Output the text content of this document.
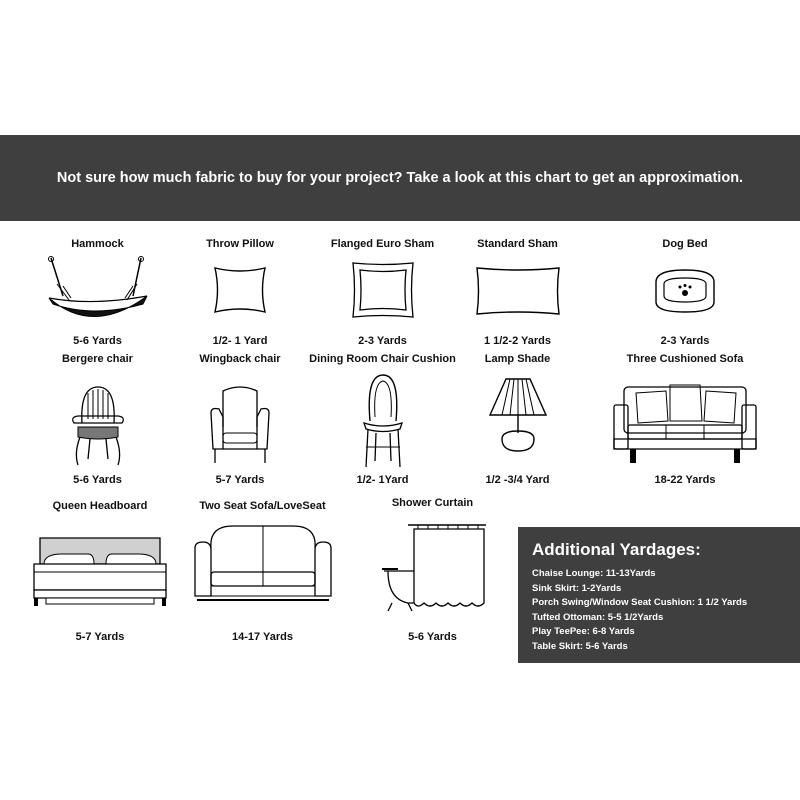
Not sure how much fabric to buy for your project? Take a look at this chart to get an approximation.
Hammock
5-6 Yards
Throw Pillow
1/2- 1 Yard
Flanged Euro Sham
2-3 Yards
Standard Sham
1 1/2-2 Yards
Dog Bed
2-3 Yards
Bergere chair
5-6 Yards
Wingback chair
5-7 Yards
Dining Room Chair Cushion
1/2- 1Yard
Lamp Shade
1/2 -3/4 Yard
Three Cushioned Sofa
18-22 Yards
Queen Headboard
5-7 Yards
Two Seat Sofa/LoveSeat
14-17 Yards
Shower Curtain
5-6 Yards
Additional Yardages:
Chaise Lounge: 11-13Yards
Sink Skirt: 1-2Yards
Porch Swing/Window Seat Cushion: 1 1/2 Yards
Tufted Ottoman: 5-5 1/2Yards
Play TeePee: 6-8 Yards
Table Skirt: 5-6 Yards
